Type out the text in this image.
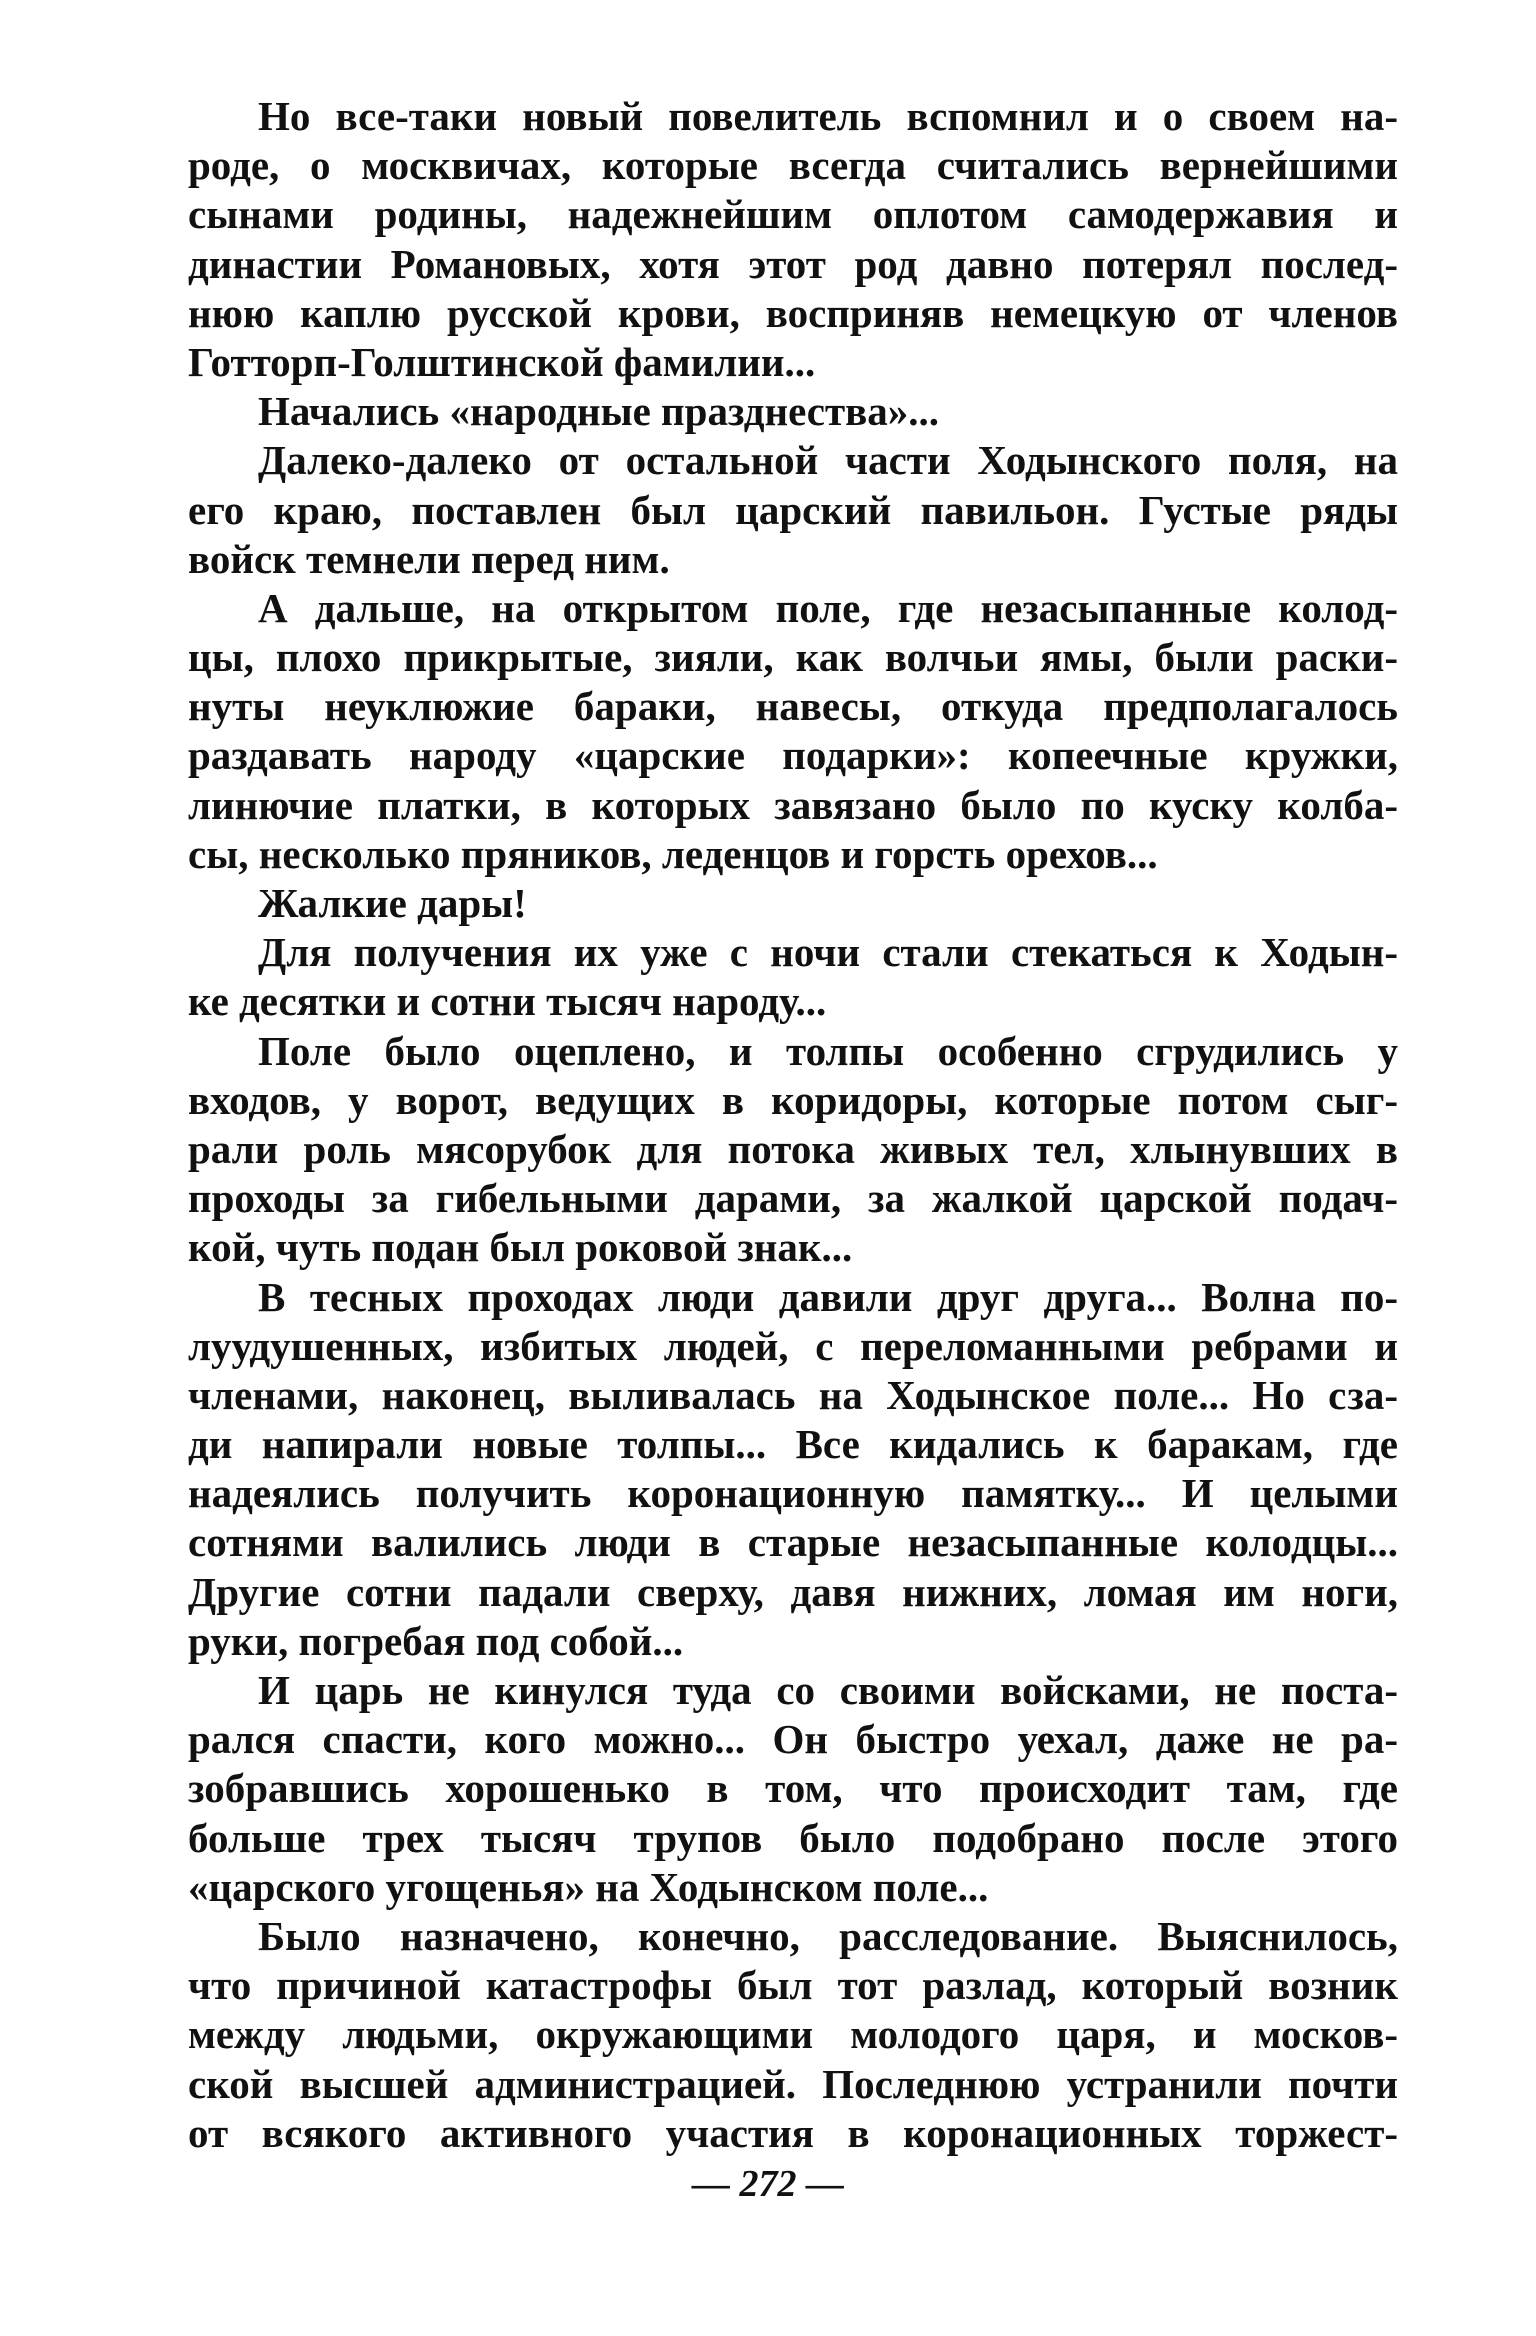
Но все-таки новый повелитель вспомнил и о своем на-
роде, о москвичах, которые всегда считались вернейшими
сынами родины, надежнейшим оплотом самодержавия и
династии Романовых, хотя этот род давно потерял послед-
нюю каплю русской крови, восприняв немецкую от членов
Готторп-Голштинской фамилии...
Начались «народные празднества»...
Далеко-далеко от остальной части Ходынского поля, на
его краю, поставлен был царский павильон. Густые ряды
войск темнели перед ним.
А дальше, на открытом поле, где незасыпанные колод-
цы, плохо прикрытые, зияли, как волчьи ямы, были раски-
нуты неуклюжие бараки, навесы, откуда предполагалось
раздавать народу «царские подарки»: копеечные кружки,
линючие платки, в которых завязано было по куску колба-
сы, несколько пряников, леденцов и горсть орехов...
Жалкие дары!
Для получения их уже с ночи стали стекаться к Ходын-
ке десятки и сотни тысяч народу...
Поле было оцеплено, и толпы особенно сгрудились у
входов, у ворот, ведущих в коридоры, которые потом сыг-
рали роль мясорубок для потока живых тел, хлынувших в
проходы за гибельными дарами, за жалкой царской подач-
кой, чуть подан был роковой знак...
В тесных проходах люди давили друг друга... Волна по-
луудушенных, избитых людей, с переломанными ребрами и
членами, наконец, выливалась на Ходынское поле... Но сза-
ди напирали новые толпы... Все кидались к баракам, где
надеялись получить коронационную памятку... И целыми
сотнями валились люди в старые незасыпанные колодцы...
Другие сотни падали сверху, давя нижних, ломая им ноги,
руки, погребая под собой...
И царь не кинулся туда со своими войсками, не поста-
рался спасти, кого можно... Он быстро уехал, даже не ра-
зобравшись хорошенько в том, что происходит там, где
больше трех тысяч трупов было подобрано после этого
«царского угощенья» на Ходынском поле...
Было назначено, конечно, расследование. Выяснилось,
что причиной катастрофы был тот разлад, который возник
между людьми, окружающими молодого царя, и москов-
ской высшей администрацией. Последнюю устранили почти
от всякого активного участия в коронационных торжест-
— 272 —
